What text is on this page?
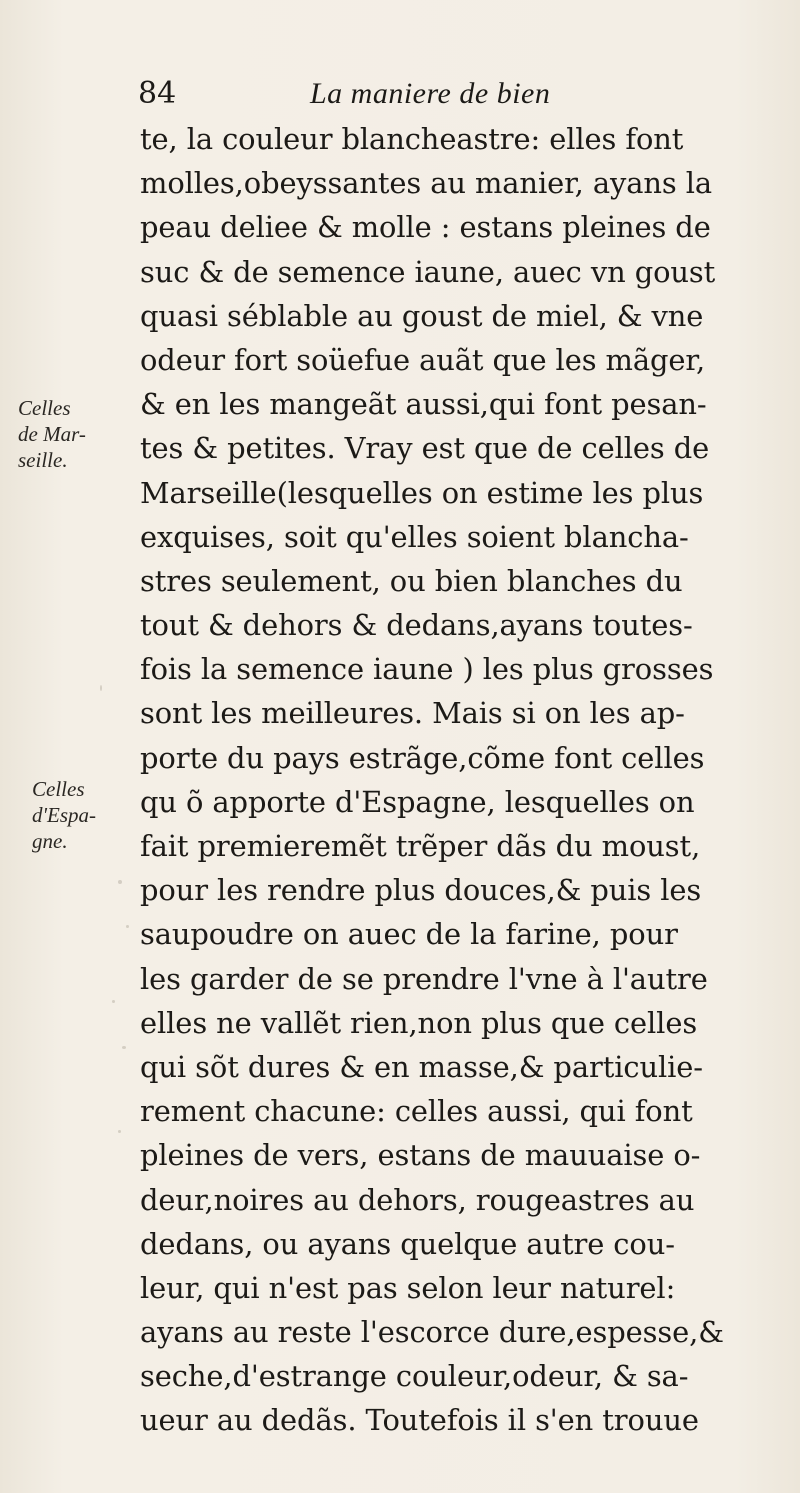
84	La maniere de bien
te, la couleur blancheastre: elles font
molles,obeyssantes au manier, ayans la
peau deliee & molle : estans pleines de
suc & de semence iaune, auec vn goust
quasi séblable au goust de miel, & vne
odeur fort soüefue auãt que les mãger,
& en les mangeãt aussi,qui font pesan-
tes & petites. Vray est que de celles de
Marseille(lesquelles on estime les plus
exquises, soit qu'elles soient blancha-
stres seulement, ou bien blanches du
tout & dehors & dedans,ayans toutes-
fois la semence iaune ) les plus grosses
sont les meilleures. Mais si on les ap-
porte du pays estrãge,cõme font celles
qu õ apporte d'Espagne, lesquelles on
fait premieremẽt trẽper dãs du moust,
pour les rendre plus douces,& puis les
saupoudre on auec de la farine, pour
les garder de se prendre l'vne à l'autre
elles ne vallẽt rien,non plus que celles
qui sõt dures & en masse,& particulie-
rement chacune: celles aussi, qui font
pleines de vers, estans de mauuaise o-
deur,noires au dehors, rougeastres au
dedans, ou ayans quelque autre cou-
leur, qui n'est pas selon leur naturel:
ayans au reste l'escorce dure,espesse,&
seche,d'estrange couleur,odeur, & sa-
ueur au dedãs. Toutefois il s'en trouue
Celles
de Mar-
seille.
Celles
d'Espa-
gne.
